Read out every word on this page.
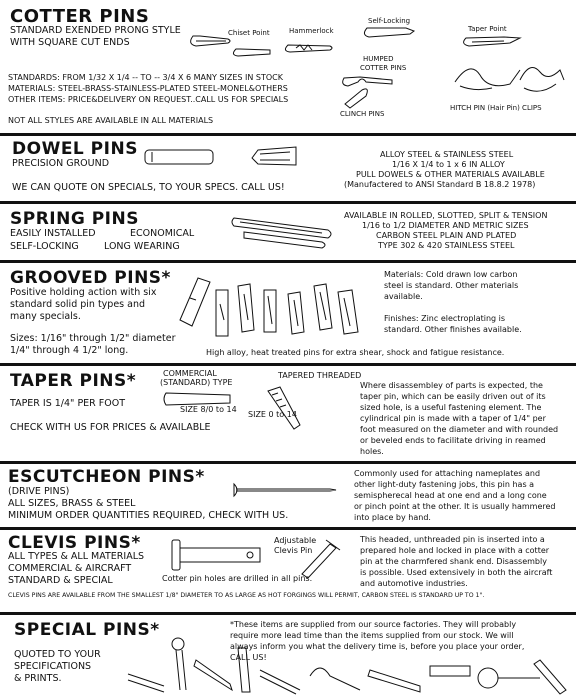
COTTER PINS
STANDARD EXENDED PRONG STYLE
WITH SQUARE CUT ENDS
Chiset Point	Hammerlock
Self-Locking
Taper Point
HUMPED
COTTER PINS
CLINCH PINS
HITCH PIN (Hair Pin) CLIPS
STANDARDS: FROM 1/32 X 1/4 -- TO -- 3/4 X 6 MANY SIZES IN STOCK
MATERIALS: STEEL-BRASS-STAINLESS-PLATED STEEL-MONEL&OTHERS
OTHER ITEMS: PRICE&DELIVERY ON REQUEST..CALL US FOR SPECIALS
NOT ALL STYLES ARE AVAILABLE IN ALL MATERIALS
DOWEL PINS
PRECISION GROUND
WE CAN QUOTE ON SPECIALS, TO YOUR SPECS. CALL US!
ALLOY STEEL & STAINLESS STEEL
1/16 X 1/4 to 1 x 6 IN ALLOY
PULL DOWELS & OTHER MATERIALS AVAILABLE
(Manufactered to ANSI Standard B 18.8.2 1978)
SPRING PINS
EASILY INSTALLED	ECONOMICAL
SELF-LOCKING	LONG WEARING
AVAILABLE IN ROLLED, SLOTTED, SPLIT & TENSION
1/16 to 1/2 DIAMETER AND METRIC SIZES
CARBON STEEL PLAIN AND PLATED
TYPE 302 & 420 STAINLESS STEEL
GROOVED PINS*
Positive holding action with six
standard solid pin types and
many specials.
Sizes: 1/16" through 1/2" diameter
1/4" through 4 1/2" long.
Materials: Cold drawn low carbon
steel is standard. Other materials
available.
Finishes: Zinc electroplating is
standard. Other finishes available.
High alloy, heat treated pins for extra shear, shock and fatigue resistance.
TAPER PINS*	COMMERCIAL
(STANDARD) TYPE
TAPERED THREADED
SIZE 8/0 to 14
SIZE 0 to 14
TAPER IS 1/4" PER FOOT
CHECK WITH US FOR PRICES & AVAILABLE
Where disassembley of parts is expected, the
taper pin, which can be easily driven out of its
sized hole, is a useful fastening element. The
cylindrical pin is made with a taper of 1/4" per
foot measured on the diameter and with rounded
or beveled ends to facilitate driving in reamed
holes.
ESCUTCHEON PINS*
(DRIVE PINS)
ALL SIZES, BRASS & STEEL
MINIMUM ORDER QUANTITIES REQUIRED, CHECK WITH US.
Commonly used for attaching nameplates and
other light-duty fastening jobs, this pin has a
semispherecal head at one end and a long cone
or pinch point at the other. It is usually hammered
into place by hand.
CLEVIS PINS*
ALL TYPES & ALL MATERIALS
COMMERCIAL & AIRCRAFT
STANDARD & SPECIAL
Adjustable
Clevis Pin
Cotter pin holes are drilled in all pins.
This headed, unthreaded pin is inserted into a
prepared hole and locked in place with a cotter
pin at the charmfered shank end. Disassembly
is possible. Used extensively in both the aircraft
and automotive industries.
CLEVIS PINS ARE AVAILABLE FROM THE SMALLEST 1/8" DIAMETER TO AS LARGE AS HOT FORGINGS WILL PERMIT, CARBON STEEL IS STANDARD UP TO 1".
SPECIAL PINS*
QUOTED TO YOUR
SPECIFICATIONS
& PRINTS.
*These items are supplied from our source factories. They will probably
require more lead time than the items supplied from our stock. We will
always inform you what the delivery time is, before you place your order,
CALL US!
